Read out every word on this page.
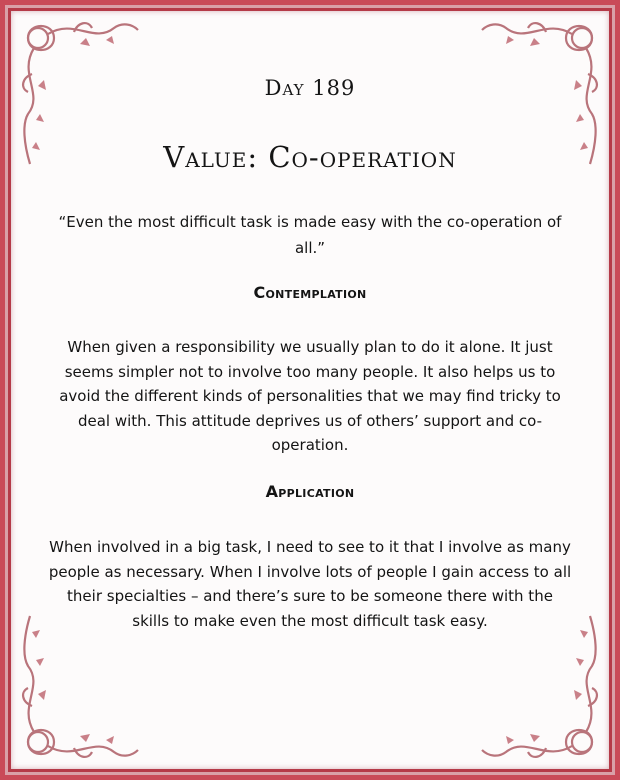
Day 189
Value: Co-operation
“Even the most difficult task is made easy with the co-operation of all.”
Contemplation
When given a responsibility we usually plan to do it alone. It just seems simpler not to involve too many people. It also helps us to avoid the different kinds of personalities that we may find tricky to deal with. This attitude deprives us of others’ support and co-operation.
Application
When involved in a big task, I need to see to it that I involve as many people as necessary. When I involve lots of people I gain access to all their specialties – and there’s sure to be someone there with the skills to make even the most difficult task easy.
